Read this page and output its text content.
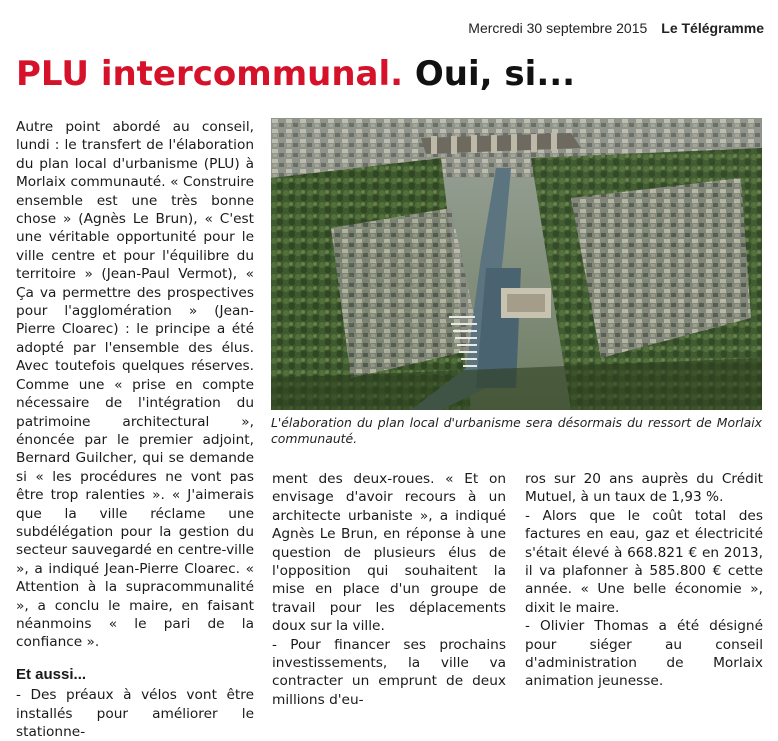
Mercredi 30 septembre 2015 Le Télégramme
PLU intercommunal. Oui, si...

Autre point abordé au conseil, lundi : le transfert de l'élaboration du plan local d'urbanisme (PLU) à Morlaix communauté. « Construire ensemble est une très bonne chose » (Agnès Le Brun), « C'est une véritable opportunité pour le ville centre et pour l'équilibre du territoire » (Jean-Paul Vermot), « Ça va permettre des prospectives pour l'agglomération » (Jean-Pierre Cloarec) : le principe a été adopté par l'ensemble des élus. Avec toutefois quelques réserves. Comme une « prise en compte nécessaire de l'intégration du patrimoine architectural », énoncée par le premier adjoint, Bernard Guilcher, qui se demande si « les procédures ne vont pas être trop ralenties ». « J'aimerais que la ville réclame une subdélégation pour la gestion du secteur sauvegardé en centre-ville », a indiqué Jean-Pierre Cloarec. « Attention à la supracommunalité », a conclu le maire, en faisant néanmoins « le pari de la confiance ».

Et aussi...

- Des préaux à vélos vont être installés pour améliorer le stationne-

L'élaboration du plan local d'urbanisme sera désormais du ressort de Morlaix communauté.

ment des deux-roues. « Et on envisage d'avoir recours à un architecte urbaniste », a indiqué Agnès Le Brun, en réponse à une question de plusieurs élus de l'opposition qui souhaitent la mise en place d'un groupe de travail pour les déplacements doux sur la ville.

- Pour financer ses prochains investissements, la ville va contracter un emprunt de deux millions d'eu-

ros sur 20 ans auprès du Crédit Mutuel, à un taux de 1,93 %.

- Alors que le coût total des factures en eau, gaz et électricité s'était élevé à 668.821 € en 2013, il va plafonner à 585.800 € cette année. « Une belle économie », dixit le maire.

- Olivier Thomas a été désigné pour siéger au conseil d'administration de Morlaix animation jeunesse.
